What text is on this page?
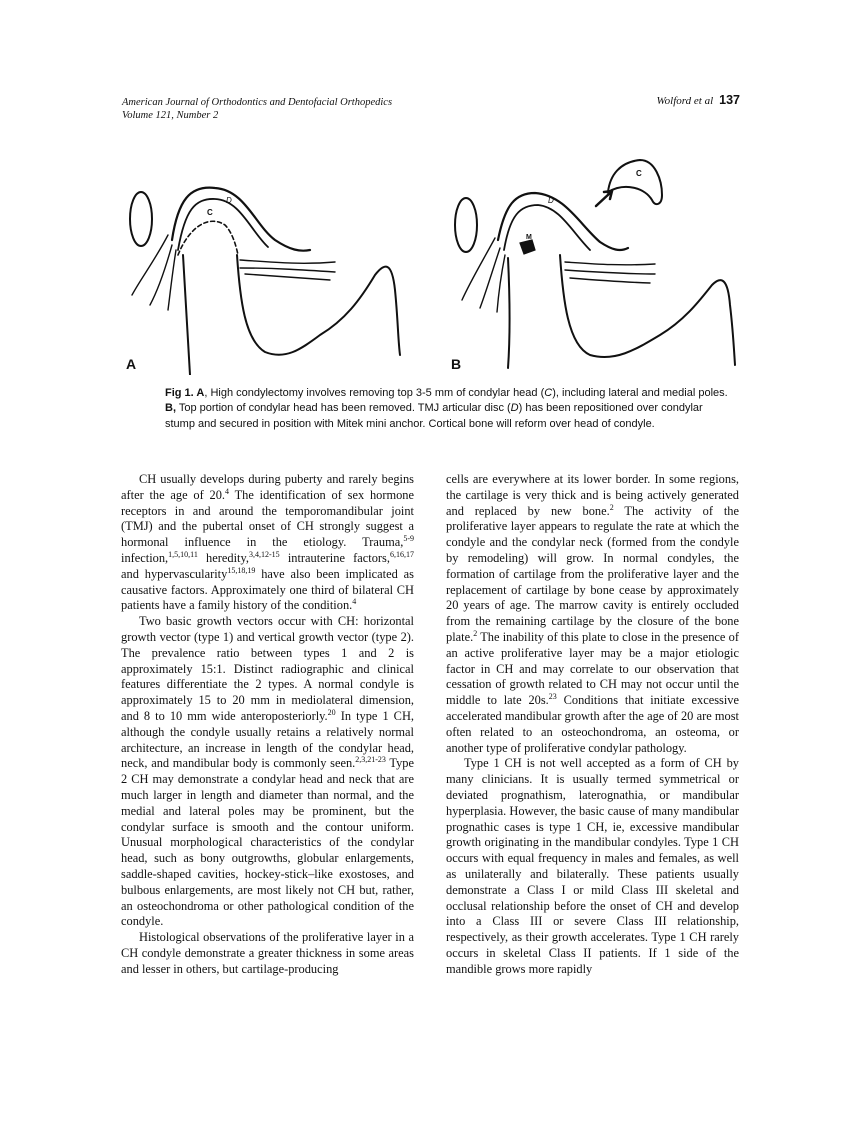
American Journal of Orthodontics and Dentofacial Orthopedics
Volume 121, Number 2
Wolford et al 137
C
D
M
D
C
A	B
Fig 1. A, High condylectomy involves removing top 3-5 mm of condylar head (C), including lateral and medial poles. B, Top portion of condylar head has been removed. TMJ articular disc (D) has been repositioned over condylar stump and secured in position with Mitek mini anchor. Cortical bone will reform over head of condyle.

CH usually develops during puberty and rarely begins after the age of 20.$^4$ The identification of sex hormone receptors in and around the temporomandibular joint (TMJ) and the pubertal onset of CH strongly suggest a hormonal influence in the etiology. Trauma,$^{5-9}$ infection,$^{1,5,10,11}$ heredity,$^{3,4,12-15}$ intrauterine factors,$^{6,16,17}$ and hypervascularity$^{15,18,19}$ have also been implicated as causative factors. Approximately one third of bilateral CH patients have a family history of the condition.$^4$

Two basic growth vectors occur with CH: horizontal growth vector (type 1) and vertical growth vector (type 2). The prevalence ratio between types 1 and 2 is approximately 15:1. Distinct radiographic and clinical features differentiate the 2 types. A normal condyle is approximately 15 to 20 mm in mediolateral dimension, and 8 to 10 mm wide anteroposteriorly.$^{20}$ In type 1 CH, although the condyle usually retains a relatively normal architecture, an increase in length of the condylar head, neck, and mandibular body is commonly seen.$^{2,3,21-23}$ Type 2 CH may demonstrate a condylar head and neck that are much larger in length and diameter than normal, and the medial and lateral poles may be prominent, but the condylar surface is smooth and the contour uniform. Unusual morphological characteristics of the condylar head, such as bony outgrowths, globular enlargements, saddle-shaped cavities, hockey-stick–like exostoses, and bulbous enlargements, are most likely not CH but, rather, an osteochondroma or other pathological condition of the condyle.

Histological observations of the proliferative layer in a CH condyle demonstrate a greater thickness in some areas and lesser in others, but cartilage-producing

cells are everywhere at its lower border. In some regions, the cartilage is very thick and is being actively generated and replaced by new bone.$^2$ The activity of the proliferative layer appears to regulate the rate at which the condyle and the condylar neck (formed from the condyle by remodeling) will grow. In normal condyles, the formation of cartilage from the proliferative layer and the replacement of cartilage by bone cease by approximately 20 years of age. The marrow cavity is entirely occluded from the remaining cartilage by the closure of the bone plate.$^2$ The inability of this plate to close in the presence of an active proliferative layer may be a major etiologic factor in CH and may correlate to our observation that cessation of growth related to CH may not occur until the middle to late 20s.$^{23}$ Conditions that initiate excessive accelerated mandibular growth after the age of 20 are most often related to an osteochondroma, an osteoma, or another type of proliferative condylar pathology.

Type 1 CH is not well accepted as a form of CH by many clinicians. It is usually termed symmetrical or deviated prognathism, laterognathia, or mandibular hyperplasia. However, the basic cause of many mandibular prognathic cases is type 1 CH, ie, excessive mandibular growth originating in the mandibular condyles. Type 1 CH occurs with equal frequency in males and females, as well as unilaterally and bilaterally. These patients usually demonstrate a Class I or mild Class III skeletal and occlusal relationship before the onset of CH and develop into a Class III or severe Class III relationship, respectively, as their growth accelerates. Type 1 CH rarely occurs in skeletal Class II patients. If 1 side of the mandible grows more rapidly
